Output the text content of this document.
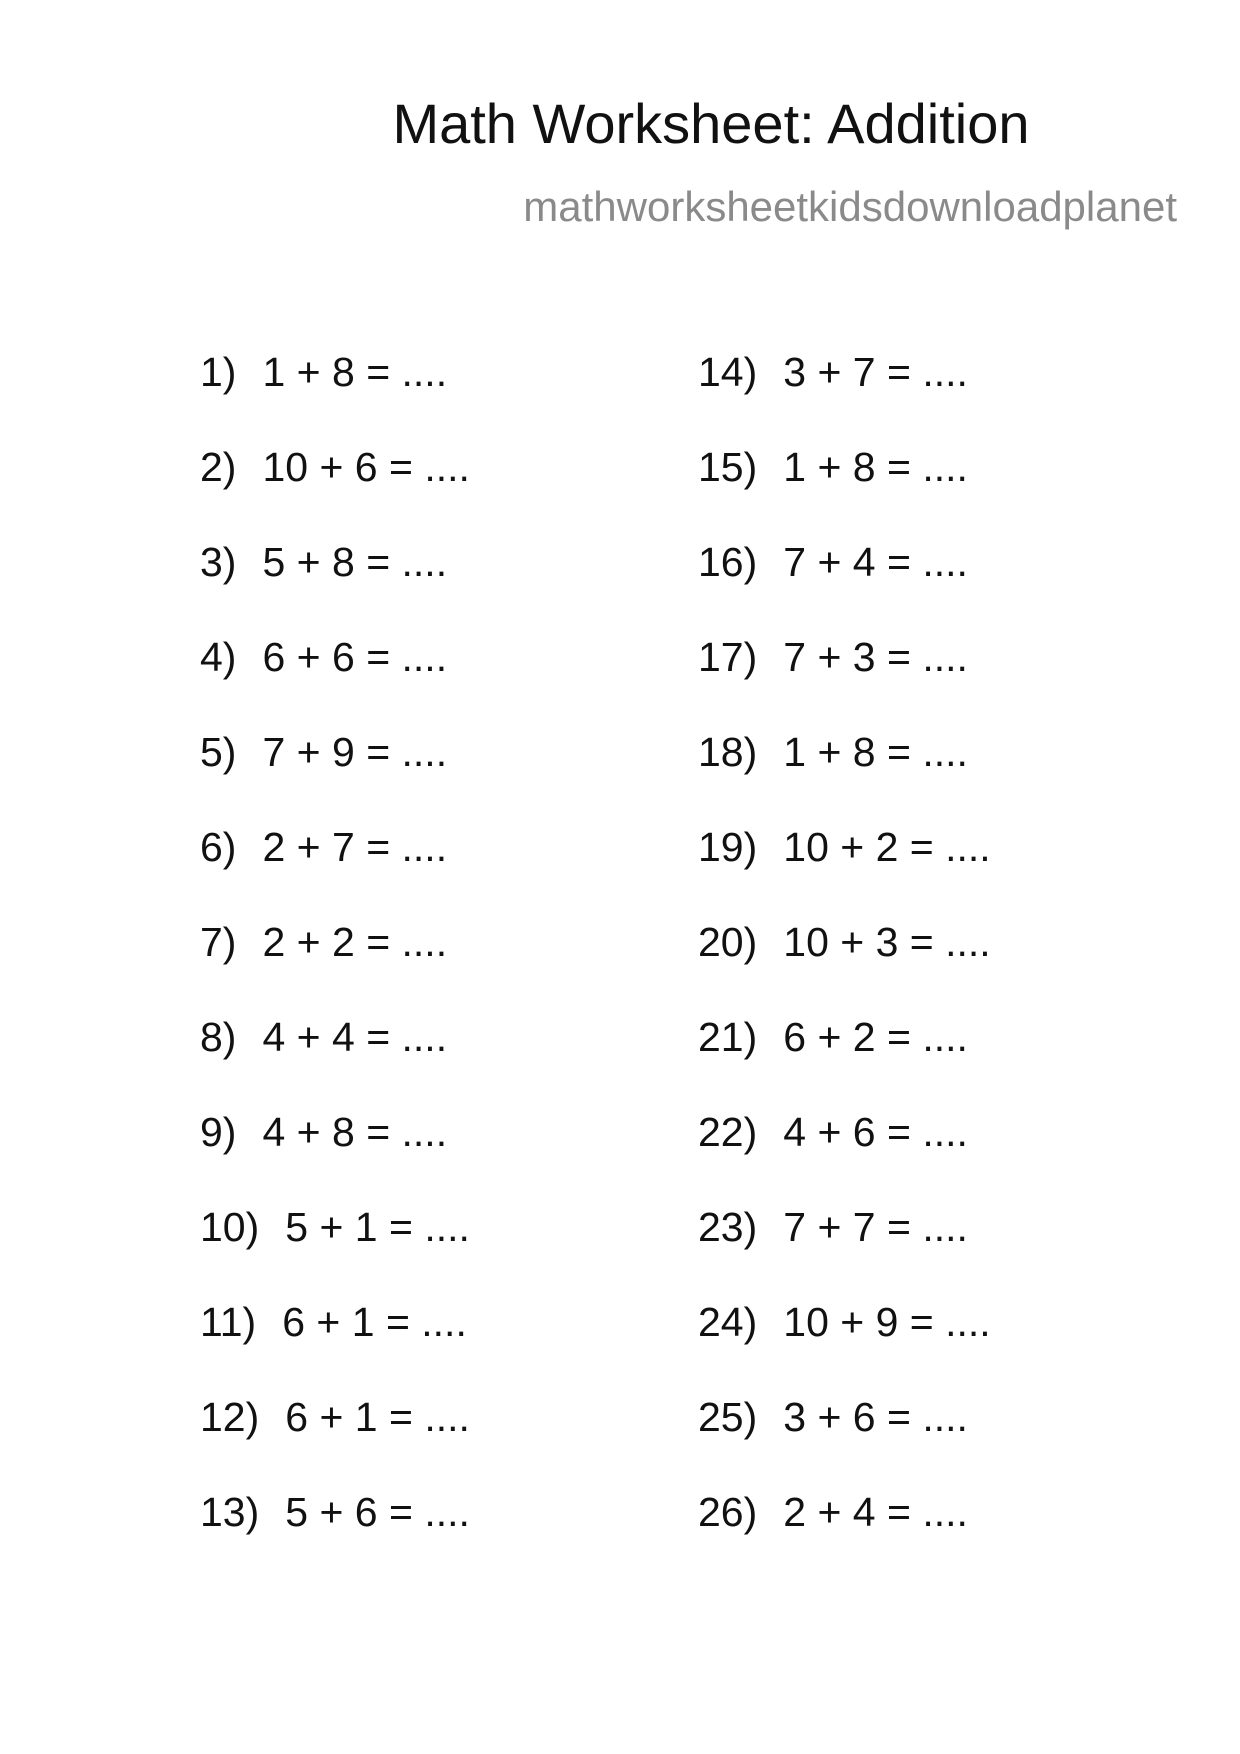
Math Worksheet: Addition
mathworksheetkidsdownloadplanet
1) 1 + 8 = ....
2) 10 + 6 = ....
3) 5 + 8 = ....
4) 6 + 6 = ....
5) 7 + 9 = ....
6) 2 + 7 = ....
7) 2 + 2 = ....
8) 4 + 4 = ....
9) 4 + 8 = ....
10) 5 + 1 = ....
11) 6 + 1 = ....
12) 6 + 1 = ....
13) 5 + 6 = ....
14) 3 + 7 = ....
15) 1 + 8 = ....
16) 7 + 4 = ....
17) 7 + 3 = ....
18) 1 + 8 = ....
19) 10 + 2 = ....
20) 10 + 3 = ....
21) 6 + 2 = ....
22) 4 + 6 = ....
23) 7 + 7 = ....
24) 10 + 9 = ....
25) 3 + 6 = ....
26) 2 + 4 = ....
